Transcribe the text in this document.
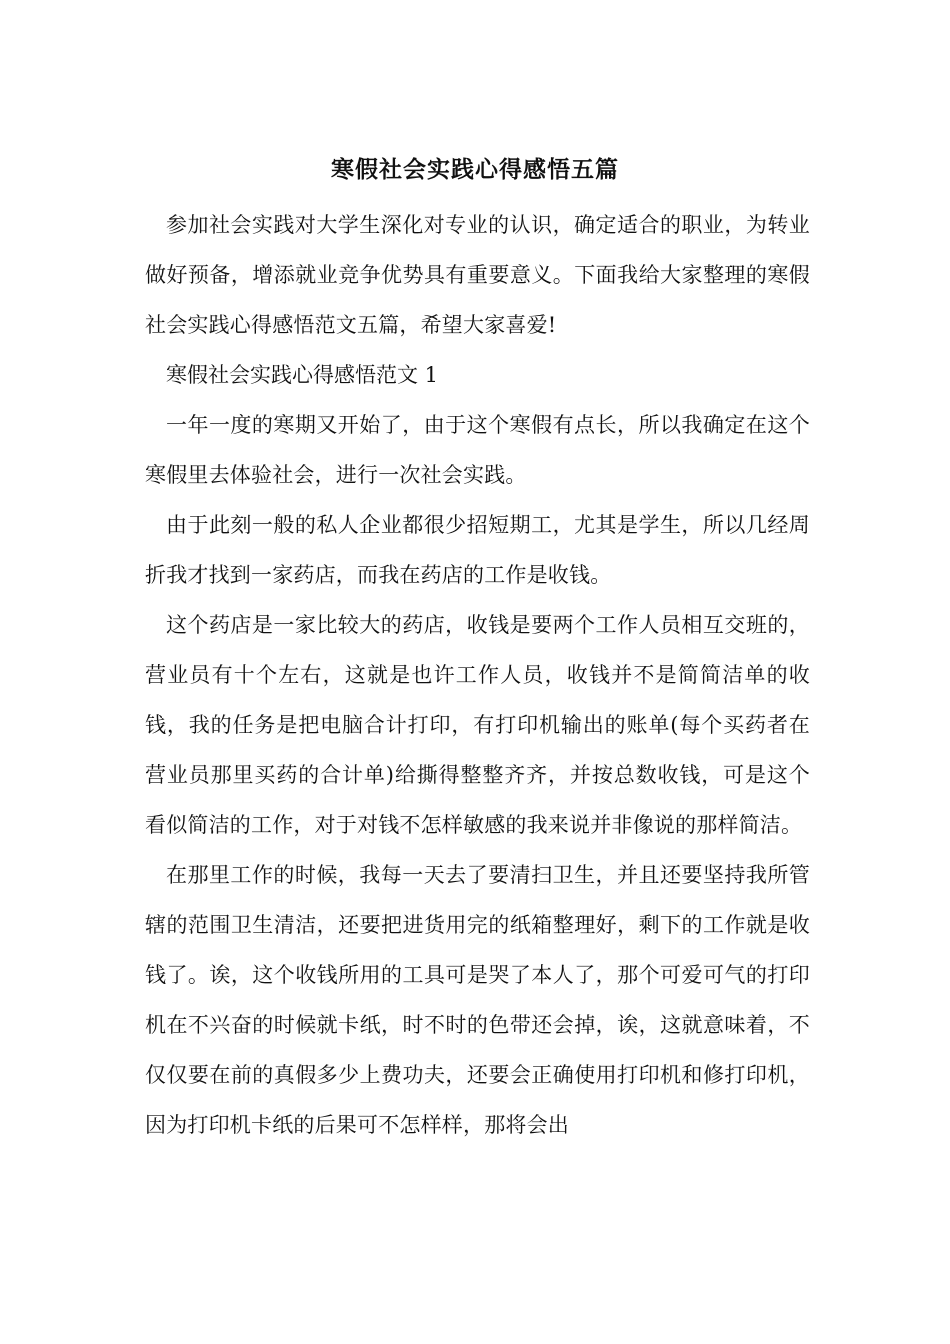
寒假社会实践心得感悟五篇

参加社会实践对大学生深化对专业的认识，确定适合的职业，为转业做好预备，增添就业竞争优势具有重要意义。下面我给大家整理的寒假社会实践心得感悟范文五篇，希望大家喜爱!

寒假社会实践心得感悟范文 1

一年一度的寒期又开始了，由于这个寒假有点长，所以我确定在这个寒假里去体验社会，进行一次社会实践。

由于此刻一般的私人企业都很少招短期工，尤其是学生，所以几经周折我才找到一家药店，而我在药店的工作是收钱。

这个药店是一家比较大的药店，收钱是要两个工作人员相互交班的，营业员有十个左右，这就是也许工作人员，收钱并不是简简洁单的收钱，我的任务是把电脑合计打印，有打印机输出的账单(每个买药者在营业员那里买药的合计单)给撕得整整齐齐，并按总数收钱，可是这个看似简洁的工作，对于对钱不怎样敏感的我来说并非像说的那样简洁。

在那里工作的时候，我每一天去了要清扫卫生，并且还要坚持我所管辖的范围卫生清洁，还要把进货用完的纸箱整理好，剩下的工作就是收钱了。诶，这个收钱所用的工具可是哭了本人了，那个可爱可气的打印机在不兴奋的时候就卡纸，时不时的色带还会掉，诶，这就意味着，不仅仅要在前的真假多少上费功夫，还要会正确使用打印机和修打印机，因为打印机卡纸的后果可不怎样样，那将会出
